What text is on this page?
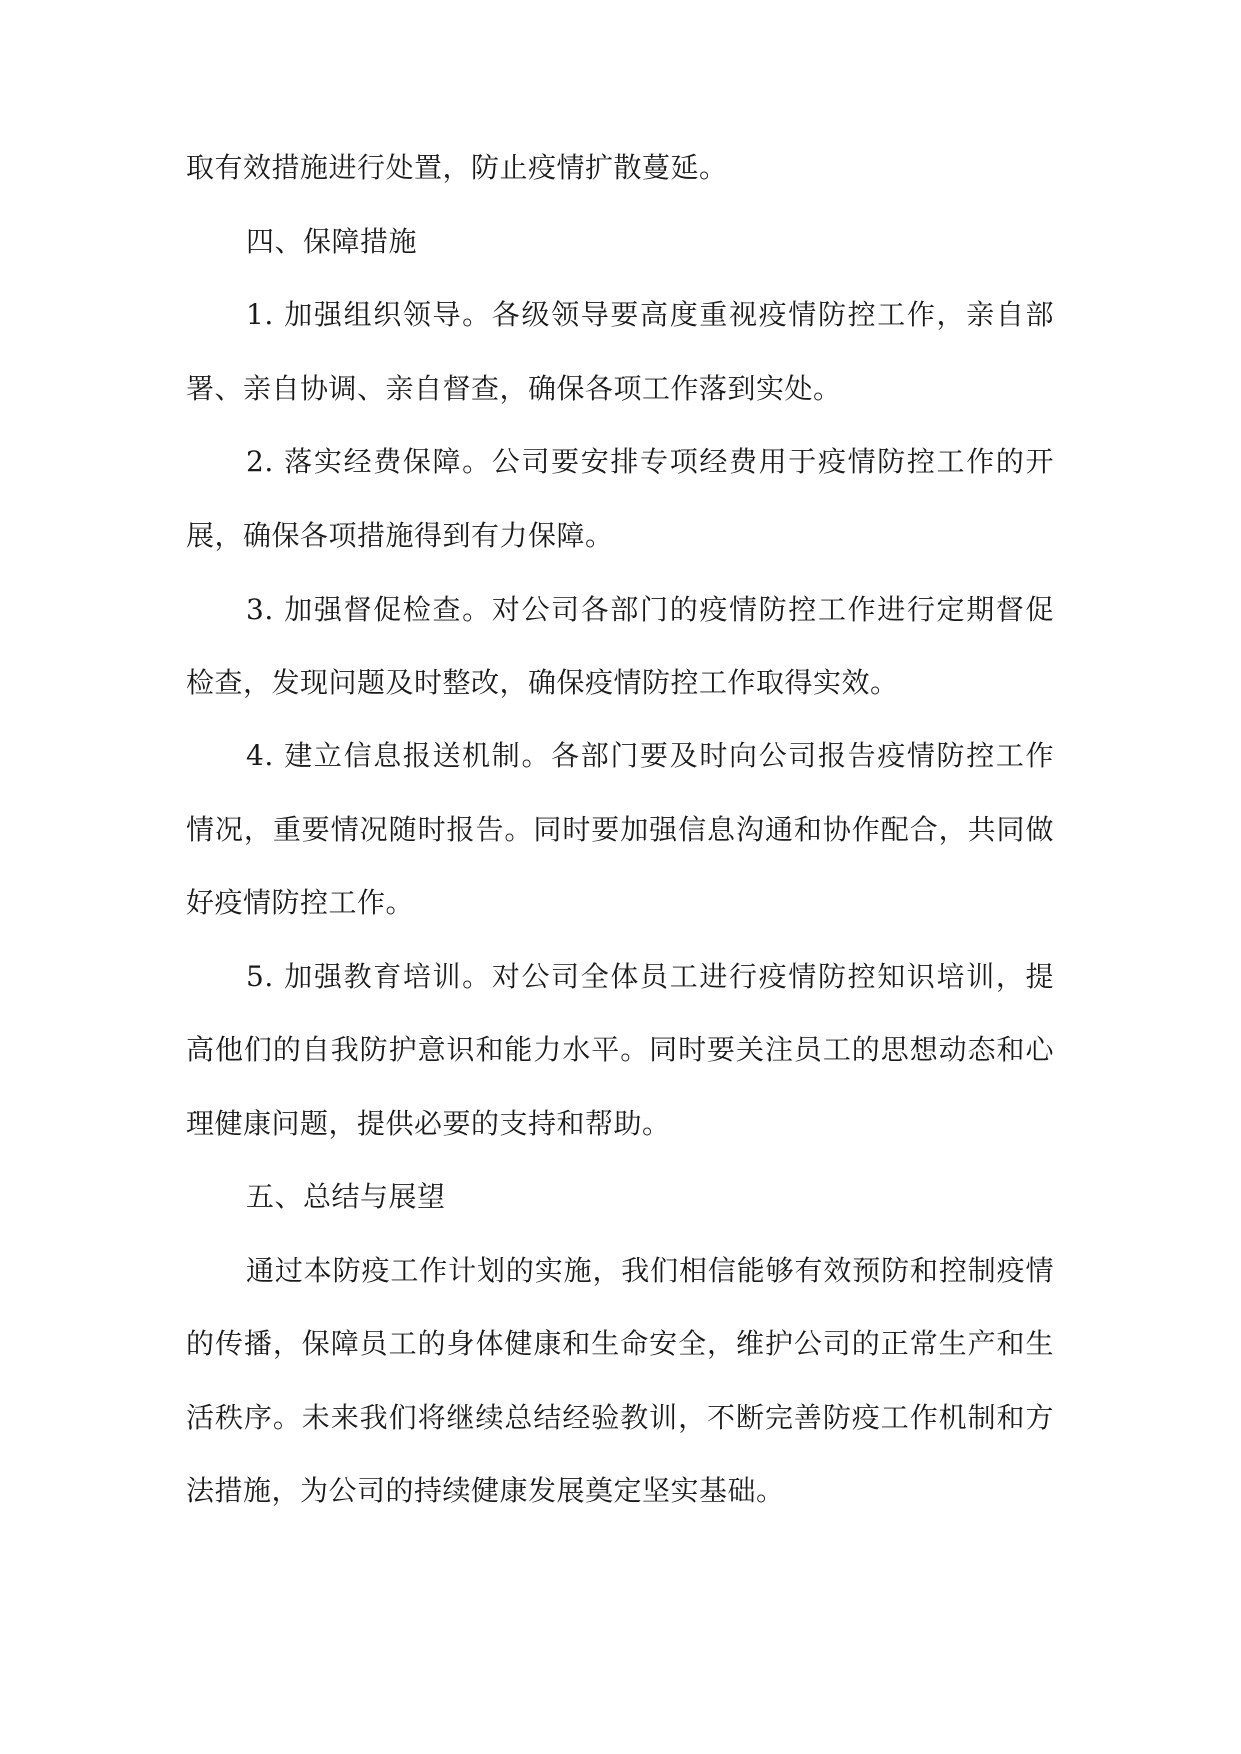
取有效措施进行处置，防止疫情扩散蔓延。
四、保障措施
1. 加强组织领导。各级领导要高度重视疫情防控工作，亲自部
署、亲自协调、亲自督查，确保各项工作落到实处。
2. 落实经费保障。公司要安排专项经费用于疫情防控工作的开
展，确保各项措施得到有力保障。
3. 加强督促检查。对公司各部门的疫情防控工作进行定期督促
检查，发现问题及时整改，确保疫情防控工作取得实效。
4. 建立信息报送机制。各部门要及时向公司报告疫情防控工作
情况，重要情况随时报告。同时要加强信息沟通和协作配合，共同做
好疫情防控工作。
5. 加强教育培训。对公司全体员工进行疫情防控知识培训，提
高他们的自我防护意识和能力水平。同时要关注员工的思想动态和心
理健康问题，提供必要的支持和帮助。
五、总结与展望
通过本防疫工作计划的实施，我们相信能够有效预防和控制疫情
的传播，保障员工的身体健康和生命安全，维护公司的正常生产和生
活秩序。未来我们将继续总结经验教训，不断完善防疫工作机制和方
法措施，为公司的持续健康发展奠定坚实基础。
